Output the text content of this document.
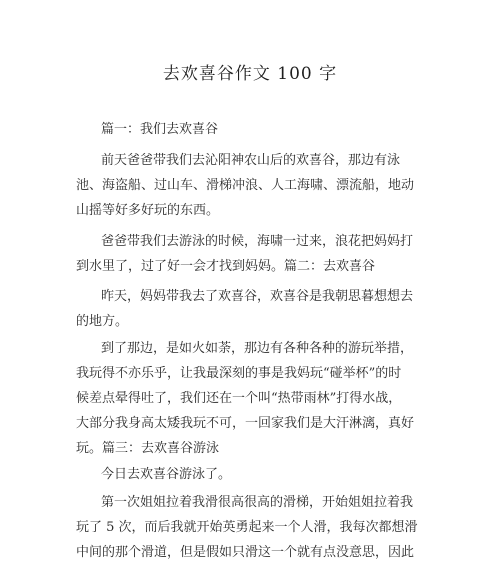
去欢喜谷作文 100 字
篇一：我们去欢喜谷
前天爸爸带我们去沁阳神农山后的欢喜谷，那边有泳
池、海盗船、过山车、滑梯冲浪、人工海啸、漂流船，地动
山摇等好多好玩的东西。
爸爸带我们去游泳的时候，海啸一过来，浪花把妈妈打
到水里了，过了好一会才找到妈妈。篇二：去欢喜谷
昨天，妈妈带我去了欢喜谷，欢喜谷是我朝思暮想想去
的地方。
到了那边，是如火如荼，那边有各种各种的游玩举措，
我玩得不亦乐乎，让我最深刻的事是我妈玩“碰举杯”的时
候差点晕得吐了，我们还在一个叫“热带雨林”打得水战，
大部分我身高太矮我玩不可，一回家我们是大汗淋漓，真好
玩。篇三：去欢喜谷游泳
今日去欢喜谷游泳了。
第一次姐姐拉着我滑很高很高的滑梯，开始姐姐拉着我
玩了 5 次，而后我就开始英勇起来一个人滑，我每次都想滑
中间的那个滑道，但是假如只滑这一个就有点没意思，因此
